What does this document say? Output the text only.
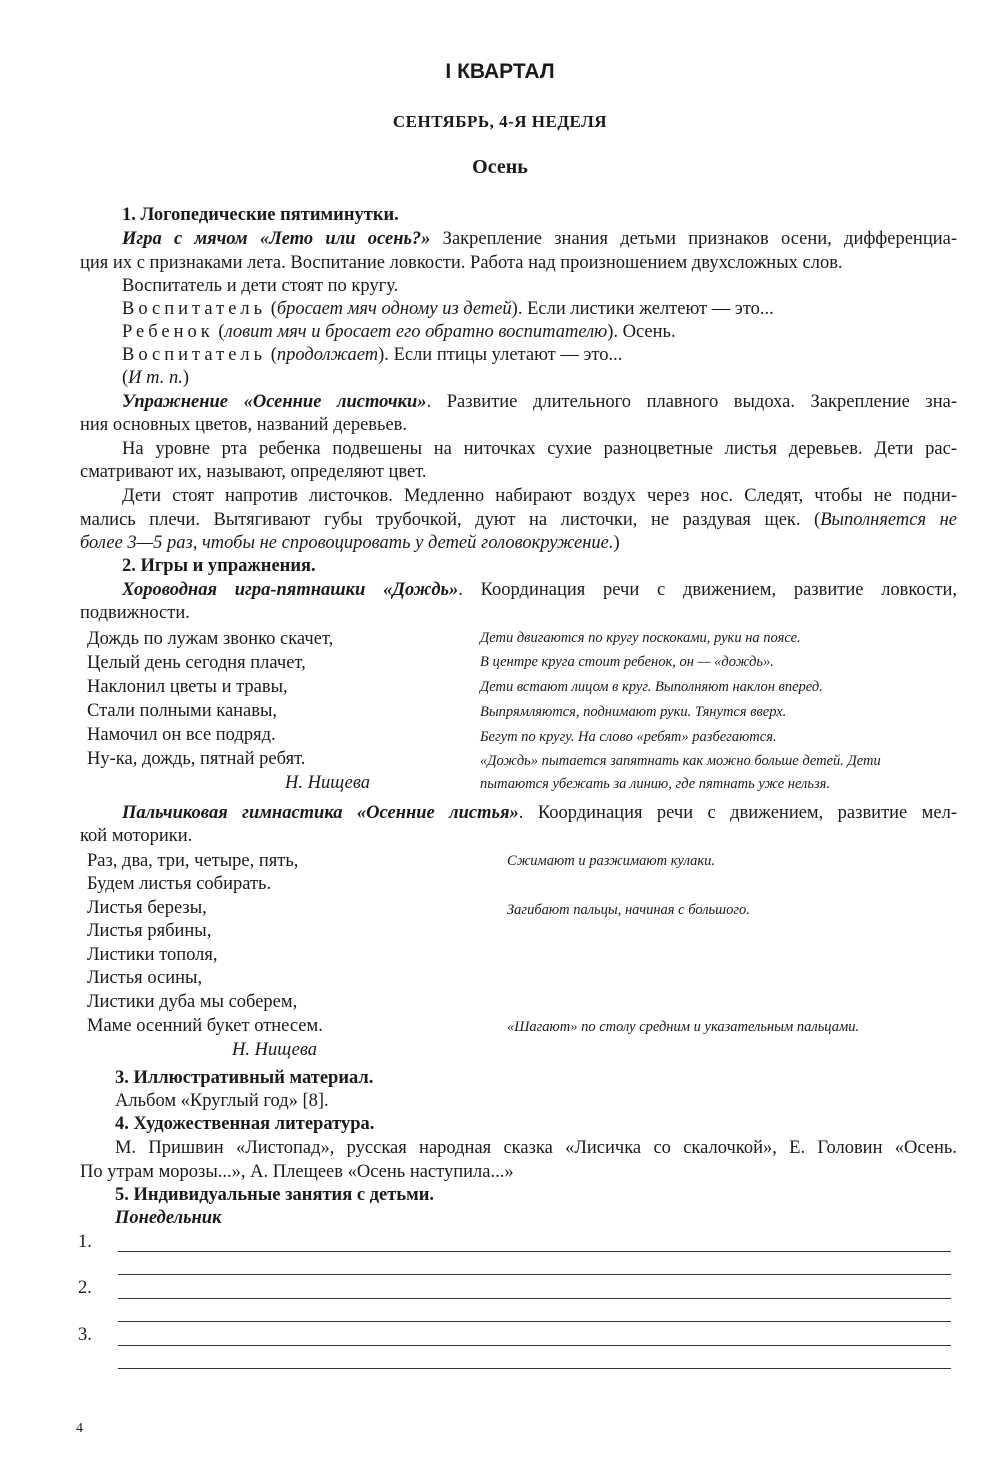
I КВАРТАЛ
СЕНТЯБРЬ, 4-Я НЕДЕЛЯ
Осень
1. Логопедические пятиминутки.
Игра с мячом «Лето или осень?» Закрепление знания детьми признаков осени, дифференциа-
ция их с признаками лета. Воспитание ловкости. Работа над произношением двухсложных слов.
Воспитатель и дети стоят по кругу.
Воспитатель (бросает мяч одному из детей). Если листики желтеют — это...
Ребенок (ловит мяч и бросает его обратно воспитателю). Осень.
Воспитатель (продолжает). Если птицы улетают — это...
(И т. п.)
Упражнение «Осенние листочки». Развитие длительного плавного выдоха. Закрепление зна-
ния основных цветов, названий деревьев.
На уровне рта ребенка подвешены на ниточках сухие разноцветные листья деревьев. Дети рас-
сматривают их, называют, определяют цвет.
Дети стоят напротив листочков. Медленно набирают воздух через нос. Следят, чтобы не подни-
мались плечи. Вытягивают губы трубочкой, дуют на листочки, не раздувая щек. (Выполняется не
более 3—5 раз, чтобы не спровоцировать у детей головокружение.)
2. Игры и упражнения.
Хороводная игра-пятнашки «Дождь». Координация речи с движением, развитие ловкости,
подвижности.
Дождь по лужам звонко скачет,
Целый день сегодня плачет,
Наклонил цветы и травы,
Стали полными канавы,
Намочил он все подряд.
Ну-ка, дождь, пятнай ребят.
Н. Нищева
Дети двигаются по кругу поскоками, руки на поясе.
В центре круга стоит ребенок, он — «дождь».
Дети встают лицом в круг. Выполняют наклон вперед.
Выпрямляются, поднимают руки. Тянутся вверх.
Бегут по кругу. На слово «ребят» разбегаются.
«Дождь» пытается запятнать как можно больше детей. Дети
пытаются убежать за линию, где пятнать уже нельзя.
Пальчиковая гимнастика «Осенние листья». Координация речи с движением, развитие мел-
кой моторики.
Раз, два, три, четыре, пять,
Будем листья собирать.
Листья березы,
Листья рябины,
Листики тополя,
Листья осины,
Листики дуба мы соберем,
Маме осенний букет отнесем.
Н. Нищева
Сжимают и разжимают кулаки.
Загибают пальцы, начиная с большого.
«Шагают» по столу средним и указательным пальцами.
3. Иллюстративный материал.
Альбом «Круглый год» [8].
4. Художественная литература.
М. Пришвин «Листопад», русская народная сказка «Лисичка со скалочкой», Е. Головин «Осень.
По утрам морозы...», А. Плещеев «Осень наступила...»
5. Индивидуальные занятия с детьми.
Понедельник
1.
2.
3.
4
